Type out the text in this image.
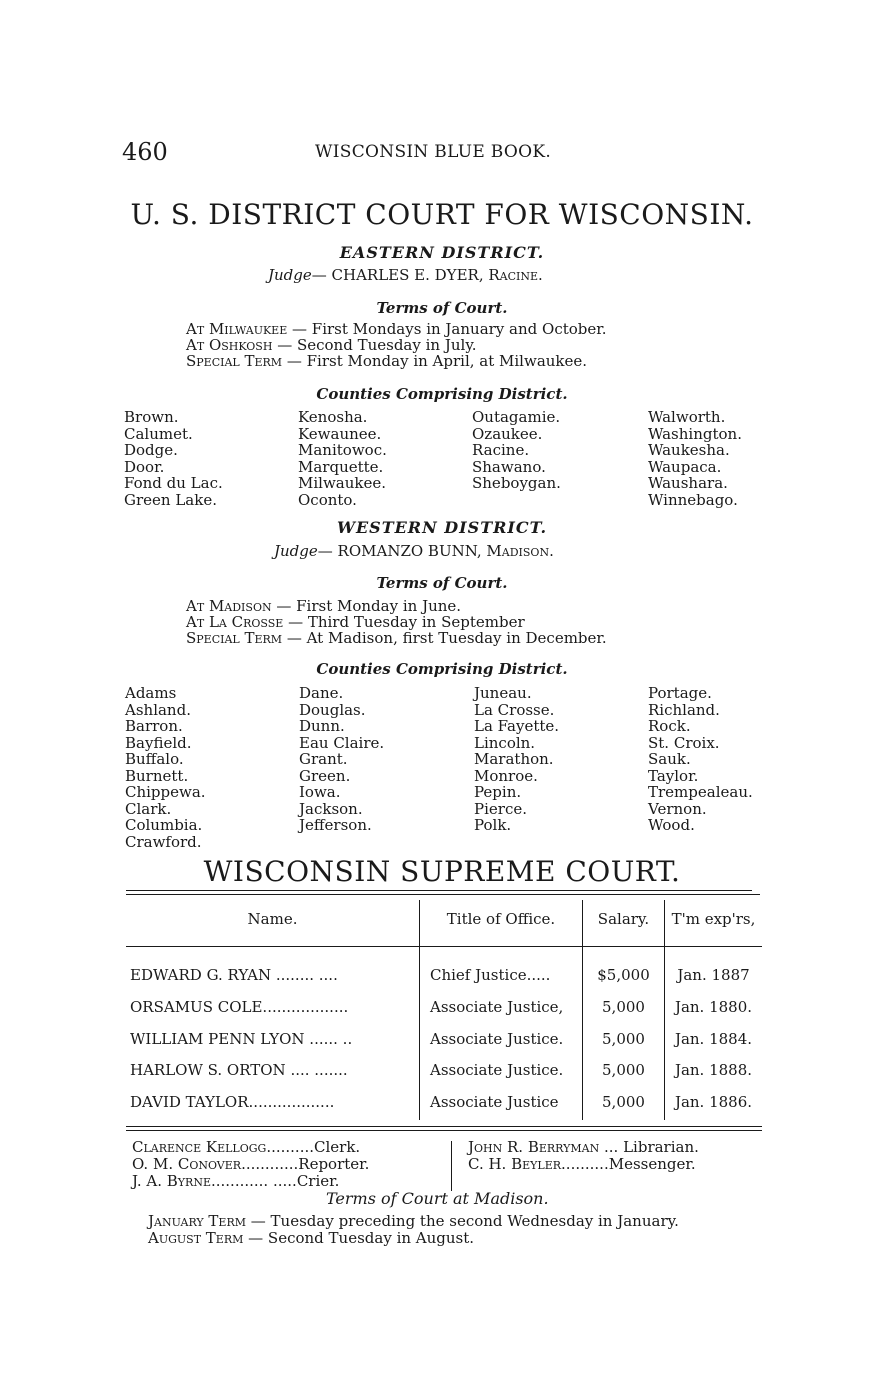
460	WISCONSIN BLUE BOOK.
U. S. DISTRICT COURT FOR WISCONSIN.
EASTERN DISTRICT.
Judge— CHARLES E. DYER, Racine.
Terms of Court.
At Milwaukee — First Mondays in January and October.
At Oshkosh — Second Tuesday in July.
Special Term — First Monday in April, at Milwaukee.
Counties Comprising District.
Brown.
Calumet.
Dodge.
Door.
Fond du Lac.
Green Lake.
Kenosha.
Kewaunee.
Manitowoc.
Marquette.
Milwaukee.
Oconto.
Outagamie.
Ozaukee.
Racine.
Shawano.
Sheboygan.
Walworth.
Washington.
Waukesha.
Waupaca.
Waushara.
Winnebago.
WESTERN DISTRICT.
Judge— ROMANZO BUNN, Madison.
Terms of Court.
At Madison — First Monday in June.
At La Crosse — Third Tuesday in September
Special Term — At Madison, first Tuesday in December.
Counties Comprising District.
Adams
Ashland.
Barron.
Bayfield.
Buffalo.
Burnett.
Chippewa.
Clark.
Columbia.
Crawford.
Dane.
Douglas.
Dunn.
Eau Claire.
Grant.
Green.
Iowa.
Jackson.
Jefferson.
Juneau.
La Crosse.
La Fayette.
Lincoln.
Marathon.
Monroe.
Pepin.
Pierce.
Polk.
Portage.
Richland.
Rock.
St. Croix.
Sauk.
Taylor.
Trempealeau.
Vernon.
Wood.
WISCONSIN SUPREME COURT.
Name.	Title of Office.	Salary.	T'm exp'rs,
EDWARD G. RYAN ........ ....	Chief Justice.....	$5,000	Jan. 1887
ORSAMUS COLE..................	Associate Justice,	5,000	Jan. 1880.
WILLIAM PENN LYON ...... ..	Associate Justice.	5,000	Jan. 1884.
HARLOW S. ORTON .... .......	Associate Justice.	5,000	Jan. 1888.
DAVID TAYLOR..................	Associate Justice	5,000	Jan. 1886.
Clarence Kellogg..........Clerk.
O. M. Conover............Reporter.
J. A. Byrne............ .....Crier.
John R. Berryman ... Librarian.
C. H. Beyler..........Messenger.
Terms of Court at Madison.
January Term — Tuesday preceding the second Wednesday in January.
August Term — Second Tuesday in August.
